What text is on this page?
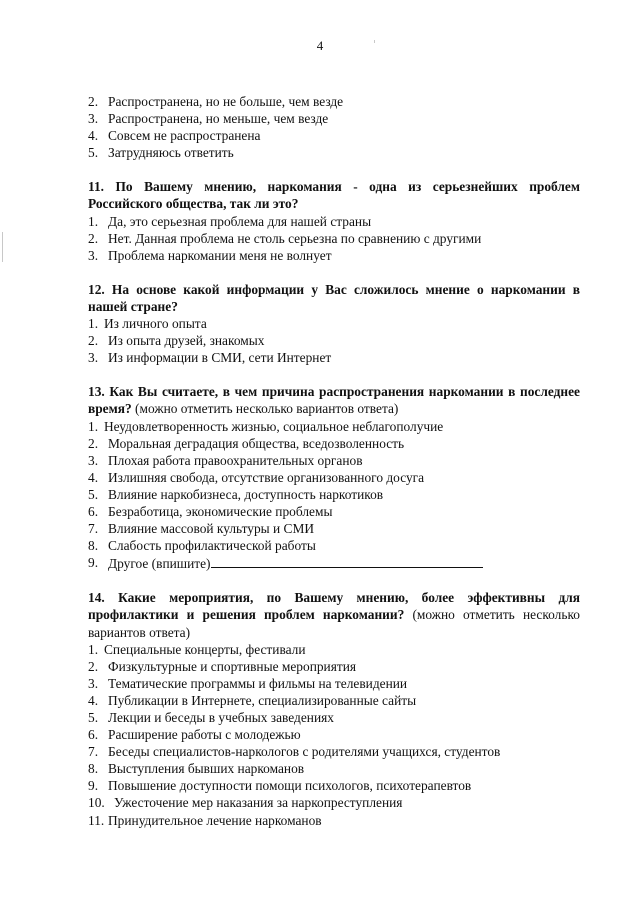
4
2. Распространена, но не больше, чем везде
3. Распространена, но меньше, чем везде
4. Совсем не распространена
5. Затрудняюсь ответить

11. По Вашему мнению, наркомания - одна из серьезнейших проблем Российского общества, так ли это?

1. Да, это серьезная проблема для нашей страны
2. Нет. Данная проблема не столь серьезна по сравнению с другими
3. Проблема наркомании меня не волнует

12. На основе какой информации у Вас сложилось мнение о наркомании в нашей стране?

1. Из личного опыта
2. Из опыта друзей, знакомых
3. Из информации в СМИ, сети Интернет

13. Как Вы считаете, в чем причина распространения наркомании в последнее время? (можно отметить несколько вариантов ответа)

1. Неудовлетворенность жизнью, социальное неблагополучие
2. Моральная деградация общества, вседозволенность
3. Плохая работа правоохранительных органов
4. Излишняя свобода, отсутствие организованного досуга
5. Влияние наркобизнеса, доступность наркотиков
6. Безработица, экономические проблемы
7. Влияние массовой культуры и СМИ
8. Слабость профилактической работы
9. Другое (впишите)

14. Какие мероприятия, по Вашему мнению, более эффективны для профилактики и решения проблем наркомании? (можно отметить несколько вариантов ответа)

1. Специальные концерты, фестивали
2. Физкультурные и спортивные мероприятия
3. Тематические программы и фильмы на телевидении
4. Публикации в Интернете, специализированные сайты
5. Лекции и беседы в учебных заведениях
6. Расширение работы с молодежью
7. Беседы специалистов-наркологов с родителями учащихся, студентов
8. Выступления бывших наркоманов
9. Повышение доступности помощи психологов, психотерапевтов
10. Ужесточение мер наказания за наркопреступления
11. Принудительное лечение наркоманов
